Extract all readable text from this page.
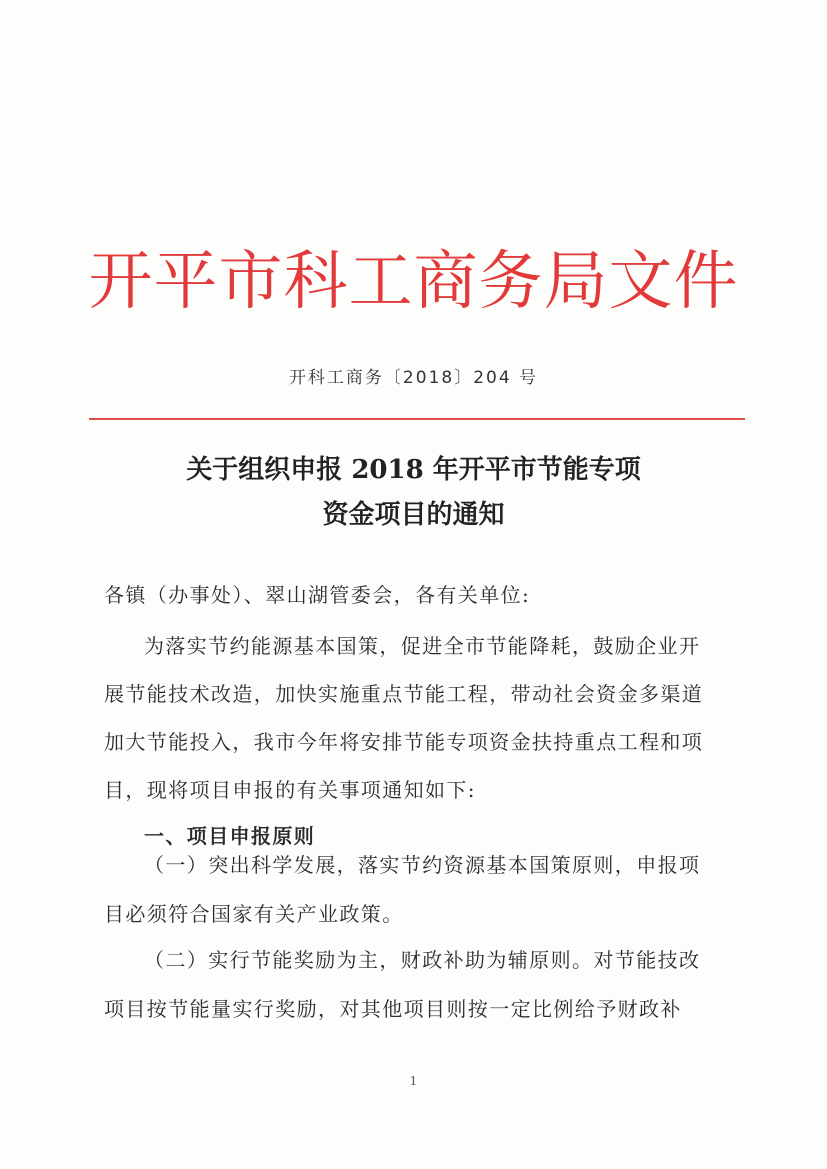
开平市科工商务局文件
开科工商务〔2018〕204 号
关于组织申报 2018 年开平市节能专项
资金项目的通知
各镇（办事处）、翠山湖管委会，各有关单位:
为落实节约能源基本国策，促进全市节能降耗，鼓励企业开
展节能技术改造，加快实施重点节能工程，带动社会资金多渠道
加大节能投入，我市今年将安排节能专项资金扶持重点工程和项
目，现将项目申报的有关事项通知如下:
一、项目申报原则
（一）突出科学发展，落实节约资源基本国策原则，申报项
目必须符合国家有关产业政策。
（二）实行节能奖励为主，财政补助为辅原则。对节能技改
项目按节能量实行奖励，对其他项目则按一定比例给予财政补
1
